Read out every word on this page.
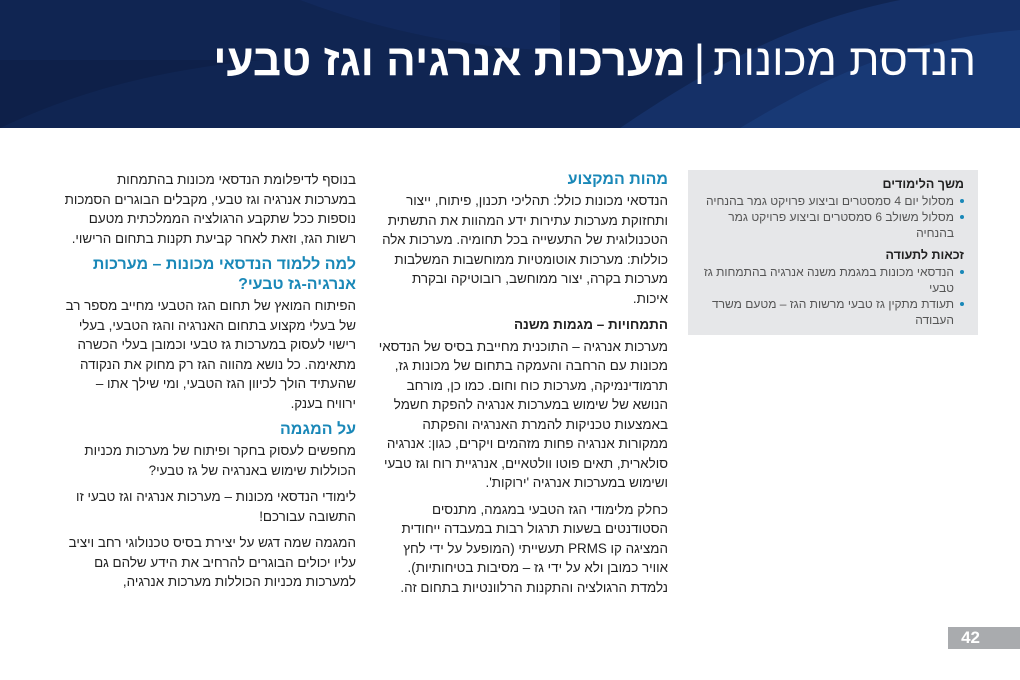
הנדסת מכונות|מערכות אנרגיה וגז טבעי
משך הלימודים
מסלול יום 4 סמסטרים וביצוע פרויקט גמר בהנחיה
מסלול משולב 6 סמסטרים וביצוע פרויקט גמר בהנחיה
זכאות לתעודה
הנדסאי מכונות במגמת משנה אנרגיה בהתמחות גז טבעי
תעודת מתקין גז טבעי מרשות הגז – מטעם משרד העבודה
מהות המקצוע

הנדסאי מכונות כולל: תהליכי תכנון, פיתוח, ייצור ותחזוקת מערכות עתירות ידע המהוות את התשתית הטכנולוגית של התעשייה בכל תחומיה. מערכות אלה כוללות: מערכות אוטומטיות ממוחשבות המשלבות מערכות בקרה, יצור ממוחשב, רובוטיקה ובקרת איכות.

התמחויות – מגמות משנה

מערכות אנרגיה – התוכנית מחייבת בסיס של הנדסאי מכונות עם הרחבה והעמקה בתחום של מכונות גז, תרמודינמיקה, מערכות כוח וחום. כמו כן, מורחב הנושא של שימוש במערכות אנרגיה להפקת חשמל באמצעות טכניקות להמרת האנרגיה והפקתה ממקורות אנרגיה פחות מזהמים ויקרים, כגון: אנרגיה סולארית, תאים פוטו וולטאיים, אנרגיית רוח וגז טבעי ושימוש במערכות אנרגיה 'ירוקות'.

כחלק מלימודי הגז הטבעי במגמה, מתנסים הסטודנטים בשעות תרגול רבות במעבדה ייחודית המציגה קו PRMS תעשייתי (המופעל על ידי לחץ אוויר כמובן ולא על ידי גז – מסיבות בטיחותיות). נלמדת הרגולציה והתקנות הרלוונטיות בתחום זה.

בנוסף לדיפלומת הנדסאי מכונות בהתמחות במערכות אנרגיה וגז טבעי, מקבלים הבוגרים הסמכות נוספות ככל שתקבע הרגולציה הממלכתית מטעם רשות הגז, וזאת לאחר קביעת תקנות בתחום הרישוי.

למה ללמוד הנדסאי מכונות – מערכות אנרגיה-גז טבעי?

הפיתוח המואץ של תחום הגז הטבעי מחייב מספר רב של בעלי מקצוע בתחום האנרגיה והגז הטבעי, בעלי רישוי לעסוק במערכות גז טבעי וכמובן בעלי הכשרה מתאימה. כל נושא מהווה הגז רק מחוק את הנקודה שהעתיד הולך לכיוון הגז הטבעי, ומי שילך אתו – ירוויח בענק.

על המגמה

מחפשים לעסוק בחקר ופיתוח של מערכות מכניות הכוללות שימוש באנרגיה של גז טבעי?

לימודי הנדסאי מכונות – מערכות אנרגיה וגז טבעי זו התשובה עבורכם!

המגמה שמה דגש על יצירת בסיס טכנולוגי רחב ויציב עליו יכולים הבוגרים להרחיב את הידע שלהם גם למערכות מכניות הכוללות מערכות אנרגיה,

42
